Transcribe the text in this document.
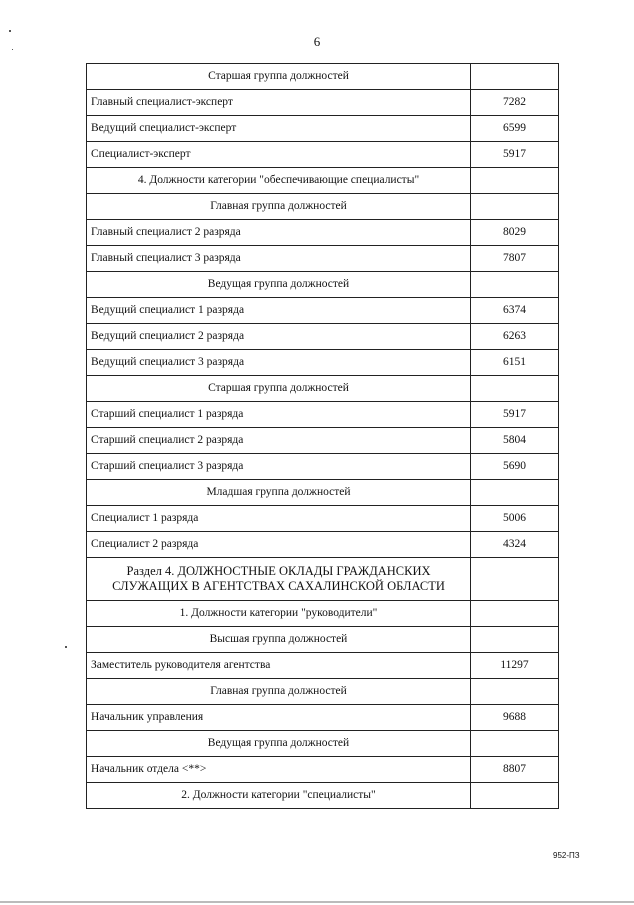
6
Старшая группа должностей	
Главный специалист-эксперт	7282
Ведущий специалист-эксперт	6599
Специалист-эксперт	5917
4. Должности категории "обеспечивающие специалисты"	
Главная группа должностей	
Главный специалист 2 разряда	8029
Главный специалист 3 разряда	7807
Ведущая группа должностей	
Ведущий специалист 1 разряда	6374
Ведущий специалист 2 разряда	6263
Ведущий специалист 3 разряда	6151
Старшая группа должностей	
Старший специалист 1 разряда	5917
Старший специалист 2 разряда	5804
Старший специалист 3 разряда	5690
Младшая группа должностей	
Специалист 1 разряда	5006
Специалист 2 разряда	4324
Раздел 4. ДОЛЖНОСТНЫЕ ОКЛАДЫ ГРАЖДАНСКИХ СЛУЖАЩИХ В АГЕНТСТВАХ САХАЛИНСКОЙ ОБЛАСТИ	
1. Должности категории "руководители"	
Высшая группа должностей	
Заместитель руководителя агентства	11297
Главная группа должностей	
Начальник управления	9688
Ведущая группа должностей	
Начальник отдела <**>	8807
2. Должности категории "специалисты"	
952-ПЗ
